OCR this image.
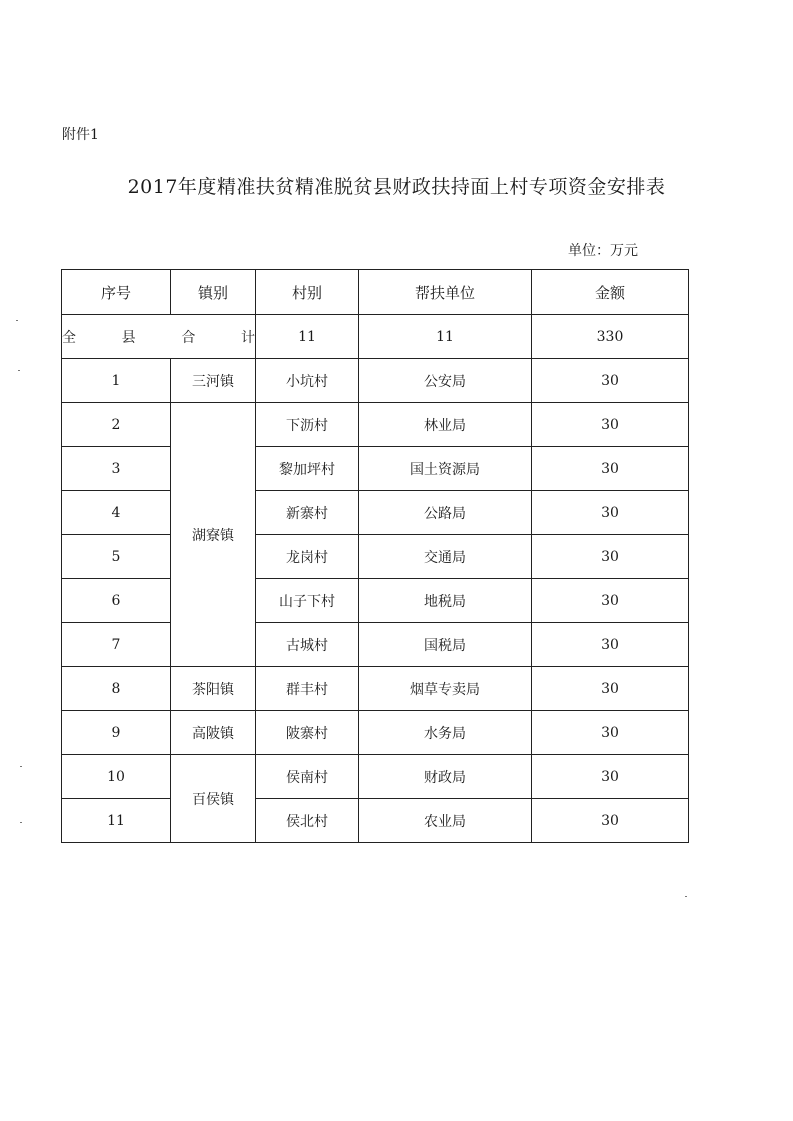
附件1
2017年度精准扶贫精准脱贫县财政扶持面上村专项资金安排表
单位：万元
序号	镇别	村别	帮扶单位	金额
全县合计		11	11	330
1	三河镇	小坑村	公安局	30
2	湖寮镇	下沥村	林业局	30
3		黎加坪村	国土资源局	30
4		新寨村	公路局	30
5		龙岗村	交通局	30
6		山子下村	地税局	30
7		古城村	国税局	30
8	茶阳镇	群丰村	烟草专卖局	30
9	高陂镇	陂寨村	水务局	30
10	百侯镇	侯南村	财政局	30
11		侯北村	农业局	30
